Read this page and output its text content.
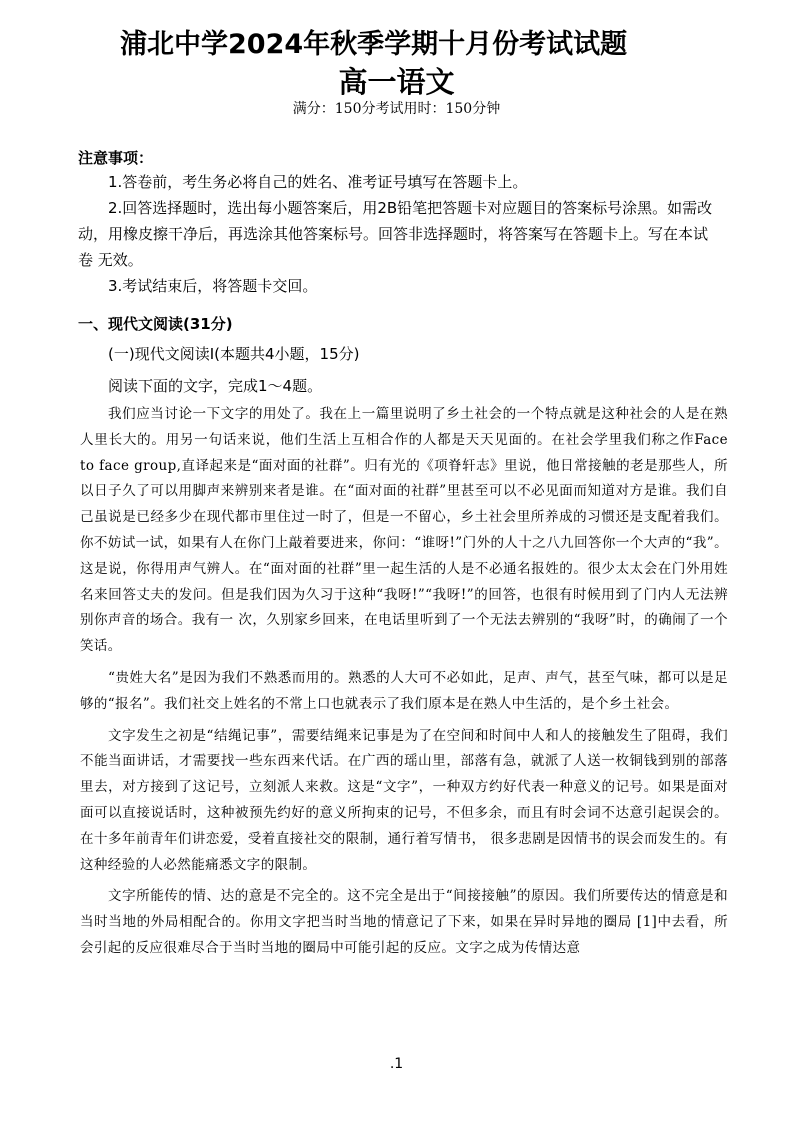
浦北中学2024年秋季学期十月份考试试题
高一语文
满分：150分考试用时：150分钟
注意事项：

1.答卷前，考生务必将自己的姓名、准考证号填写在答题卡上。

2.回答选择题时，选出每小题答案后，用2B铅笔把答题卡对应题目的答案标号涂黑。如需改动，用橡皮擦干净后，再选涂其他答案标号。回答非选择题时，将答案写在答题卡上。写在本试卷 无效。

3.考试结束后，将答题卡交回。

一、现代文阅读(31分)
(一)现代文阅读Ⅰ(本题共4小题，15分)
阅读下面的文字，完成1～4题。

我们应当讨论一下文字的用处了。我在上一篇里说明了乡土社会的一个特点就是这种社会的人是在熟人里长大的。用另一句话来说，他们生活上互相合作的人都是天天见面的。在社会学里我们称之作Face to face group,直译起来是“面对面的社群”。归有光的《项脊轩志》里说，他日常接触的老是那些人，所以日子久了可以用脚声来辨别来者是谁。在“面对面的社群”里甚至可以不必见面而知道对方是谁。我们自己虽说是已经多少在现代都市里住过一时了，但是一不留心，乡土社会里所养成的习惯还是支配着我们。你不妨试一试，如果有人在你门上敲着要进来，你问：“谁呀!”门外的人十之八九回答你一个大声的“我”。这是说，你得用声气辨人。在“面对面的社群”里一起生活的人是不必通名报姓的。很少太太会在门外用姓名来回答丈夫的发问。但是我们因为久习于这种“我呀!”“我呀!”的回答，也很有时候用到了门内人无法辨别你声音的场合。我有一 次，久别家乡回来，在电话里听到了一个无法去辨别的“我呀”时，的确闹了一个笑话。

“贵姓大名”是因为我们不熟悉而用的。熟悉的人大可不必如此，足声、声气，甚至气味，都可以是足够的“报名”。我们社交上姓名的不常上口也就表示了我们原本是在熟人中生活的，是个乡土社会。

文字发生之初是“结绳记事”，需要结绳来记事是为了在空间和时间中人和人的接触发生了阻碍，我们不能当面讲话，才需要找一些东西来代话。在广西的瑶山里，部落有急，就派了人送一枚铜钱到别的部落里去，对方接到了这记号，立刻派人来救。这是“文字”，一种双方约好代表一种意义的记号。如果是面对面可以直接说话时，这种被预先约好的意义所拘束的记号，不但多余，而且有时会词不达意引起误会的。在十多年前青年们讲恋爱，受着直接社交的限制，通行着写情书， 很多悲剧是因情书的误会而发生的。有这种经验的人必然能痛悉文字的限制。

文字所能传的情、达的意是不完全的。这不完全是出于“间接接触”的原因。我们所要传达的情意是和当时当地的外局相配合的。你用文字把当时当地的情意记了下来，如果在异时异地的圈局 [1]中去看，所会引起的反应很难尽合于当时当地的圈局中可能引起的反应。文字之成为传情达意

.1
